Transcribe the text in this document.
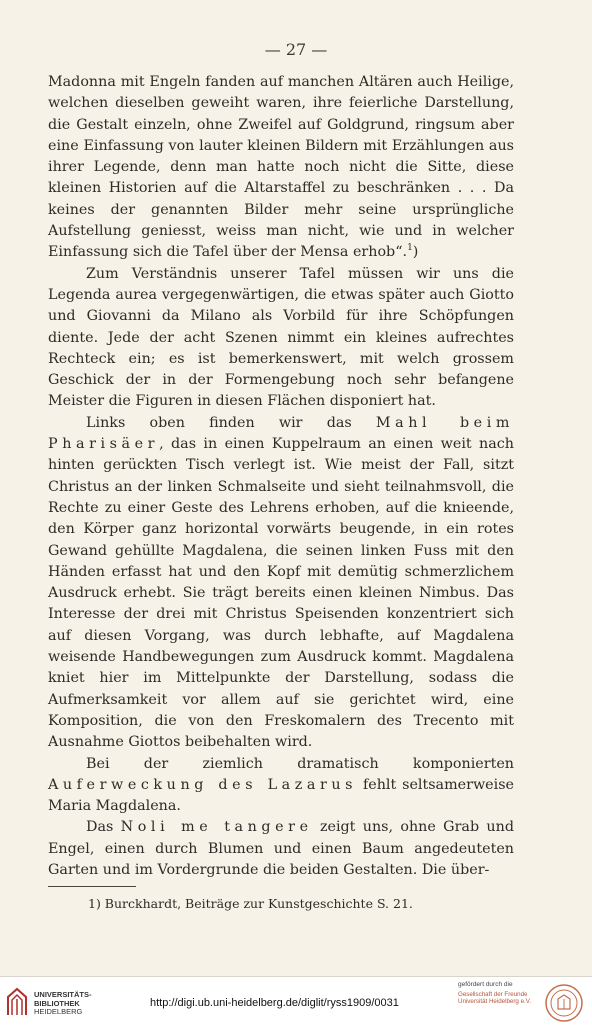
— 27 —

Madonna mit Engeln fanden auf manchen Altären auch Heilige, welchen dieselben geweiht waren, ihre feierliche Darstellung, die Gestalt einzeln, ohne Zweifel auf Goldgrund, ringsum aber eine Einfassung von lauter kleinen Bildern mit Erzählungen aus ihrer Legende, denn man hatte noch nicht die Sitte, diese kleinen Historien auf die Altarstaffel zu beschränken . . . Da keines der genannten Bilder mehr seine ursprüngliche Aufstellung geniesst, weiss man nicht, wie und in welcher Einfassung sich die Tafel über der Mensa erhob“.$^1$)

Zum Verständnis unserer Tafel müssen wir uns die Legenda aurea vergegenwärtigen, die etwas später auch Giotto und Giovanni da Milano als Vorbild für ihre Schöpfungen diente. Jede der acht Szenen nimmt ein kleines aufrechtes Rechteck ein; es ist bemerkenswert, mit welch grossem Geschick der in der Formengebung noch sehr befangene Meister die Figuren in diesen Flächen disponiert hat.

Links oben finden wir das Mahl beim Pharisäer, das in einen Kuppelraum an einen weit nach hinten gerückten Tisch verlegt ist. Wie meist der Fall, sitzt Christus an der linken Schmalseite und sieht teilnahmsvoll, die Rechte zu einer Geste des Lehrens erhoben, auf die knieende, den Körper ganz horizontal vorwärts beugende, in ein rotes Gewand gehüllte Magdalena, die seinen linken Fuss mit den Händen erfasst hat und den Kopf mit demütig schmerzlichem Ausdruck erhebt. Sie trägt bereits einen kleinen Nimbus. Das Interesse der drei mit Christus Speisenden konzentriert sich auf diesen Vorgang, was durch lebhafte, auf Magdalena weisende Handbewegungen zum Ausdruck kommt. Magdalena kniet hier im Mittelpunkte der Darstellung, sodass die Aufmerksamkeit vor allem auf sie gerichtet wird, eine Komposition, die von den Freskomalern des Trecento mit Ausnahme Giottos beibehalten wird.

Bei der ziemlich dramatisch komponierten Auferweckung des Lazarus fehlt seltsamerweise Maria Magdalena.

Das Noli me tangere zeigt uns, ohne Grab und Engel, einen durch Blumen und einen Baum angedeuteten Garten und im Vordergrunde die beiden Gestalten. Die über-

1) Burckhardt, Beiträge zur Kunstgeschichte S. 21.
UNIVERSITÄTS-
BIBLIOTHEK
HEIDELBERG
http://digi.ub.uni-heidelberg.de/diglit/ryss1909/0031
gefördert durch die
Gesellschaft der Freunde
Universität Heidelberg e.V.
